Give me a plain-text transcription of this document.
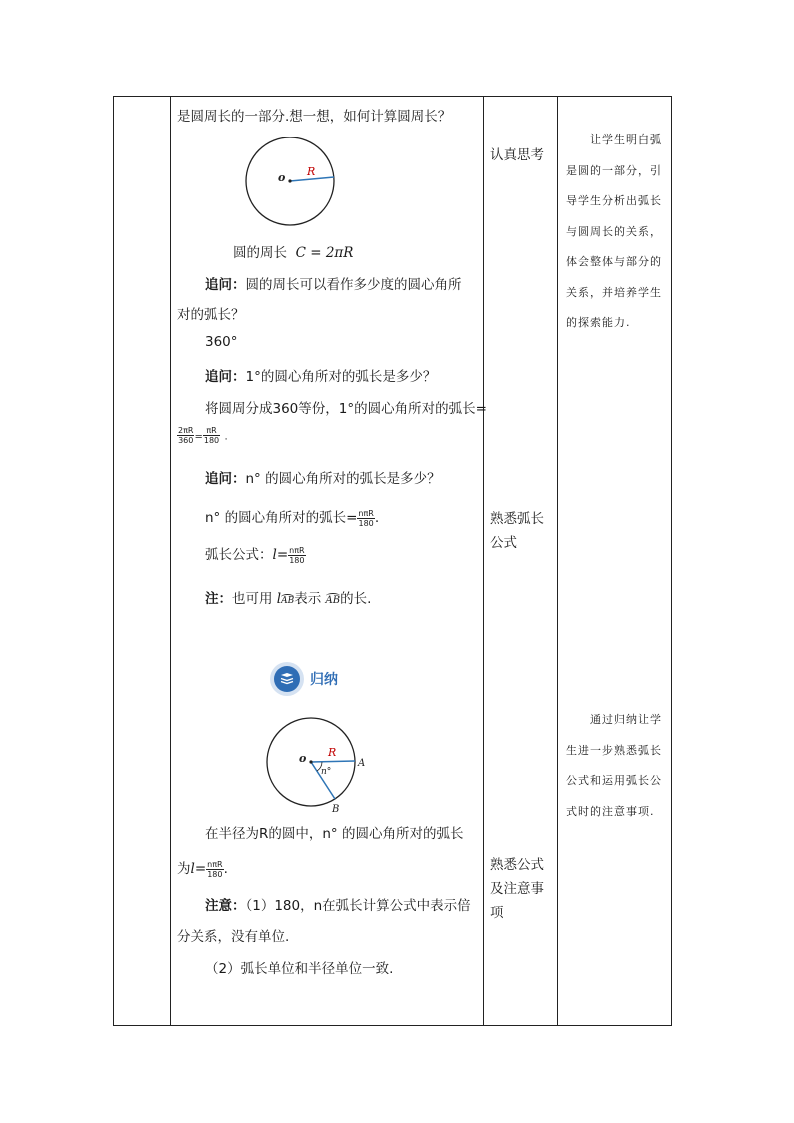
是圆周长的一部分.想一想，如何计算圆周长？

o R

圆的周长 C = 2πR

追问：圆的周长可以看作多少度的圆心角所

对的弧长？

360°

追问：1°的圆心角所对的弧长是多少？

将圆周分成360等份，1°的圆心角所对的弧长=

$\frac{2\pi R}{360} = \frac{\pi R}{180}$ .

追问：n° 的圆心角所对的弧长是多少？

n° 的圆心角所对的弧长= $\frac{\text{nπR}}{180}$ .

弧长公式：$l= \frac{\text{nπR}}{180}$

注：也可用 lAB表示 AB的长.

归纳
o R
n°
A
B

在半径为R的圆中，n° 的圆心角所对的弧长

为$l= \frac{\text{nπR}}{180}$ .

注意：（1）180，n在弧长计算公式中表示倍

分关系，没有单位.

（2）弧长单位和半径单位一致.

认真思考
熟悉弧长
公式
熟悉公式
及注意事
项
　　让学生明白弧是圆的一部分，引导学生分析出弧长与圆周长的关系，体会整体与部分的关系，并培养学生的探索能力.
　　通过归纳让学生进一步熟悉弧长公式和运用弧长公式时的注意事项.
